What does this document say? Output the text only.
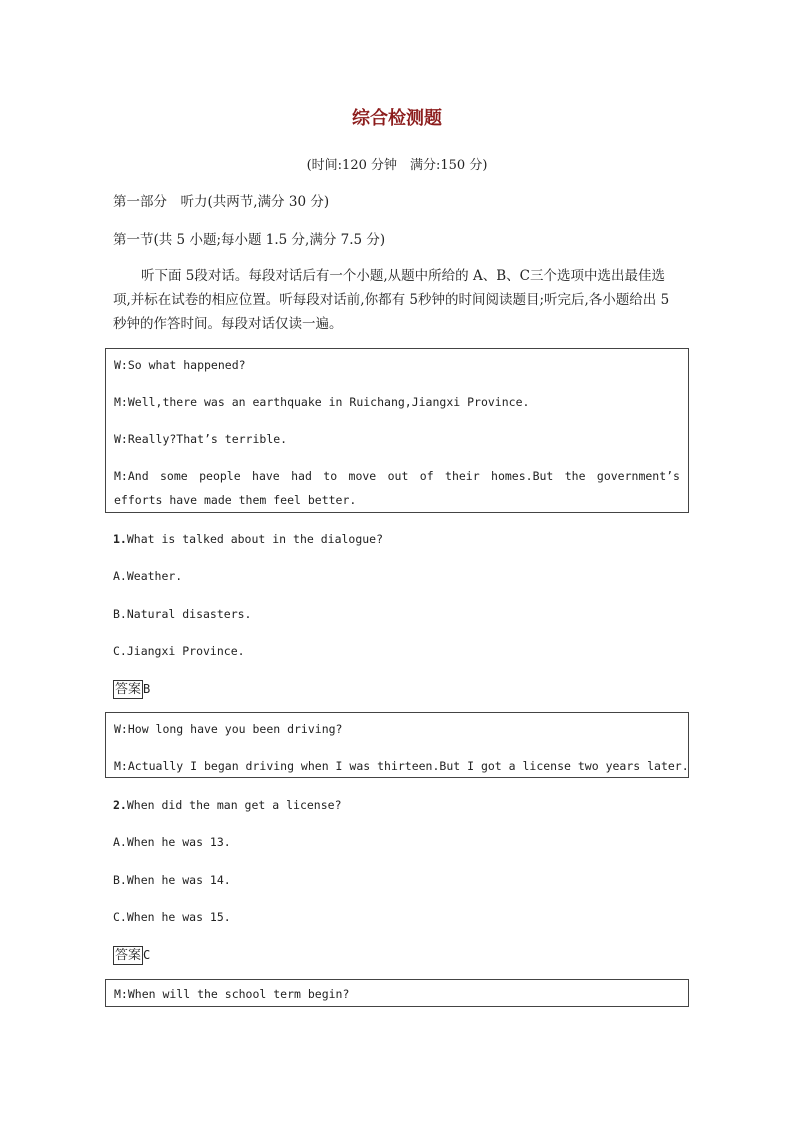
综合检测题
(时间:120 分钟　满分:150 分)
第一部分　听力(共两节,满分 30 分)
第一节(共 5 小题;每小题 1.5 分,满分 7.5 分)
听下面 5段对话。每段对话后有一个小题,从题中所给的 A、B、C三个选项中选出最佳选项,并标在试卷的相应位置。听每段对话前,你都有 5秒钟的时间阅读题目;听完后,各小题给出 5秒钟的作答时间。每段对话仅读一遍。
W:So what happened?
M:Well,there was an earthquake in Ruichang,Jiangxi Province.
W:Really?That’s terrible.
M:And some people have had to move out of their homes.But the government’s efforts have made them feel better.
1.What is talked about in the dialogue?
A.Weather.
B.Natural disasters.
C.Jiangxi Province.
答案 B
W:How long have you been driving?
M:Actually I began driving when I was thirteen.But I got a license two years later.
2.When did the man get a license?
A.When he was 13.
B.When he was 14.
C.When he was 15.
答案 C
M:When will the school term begin?
